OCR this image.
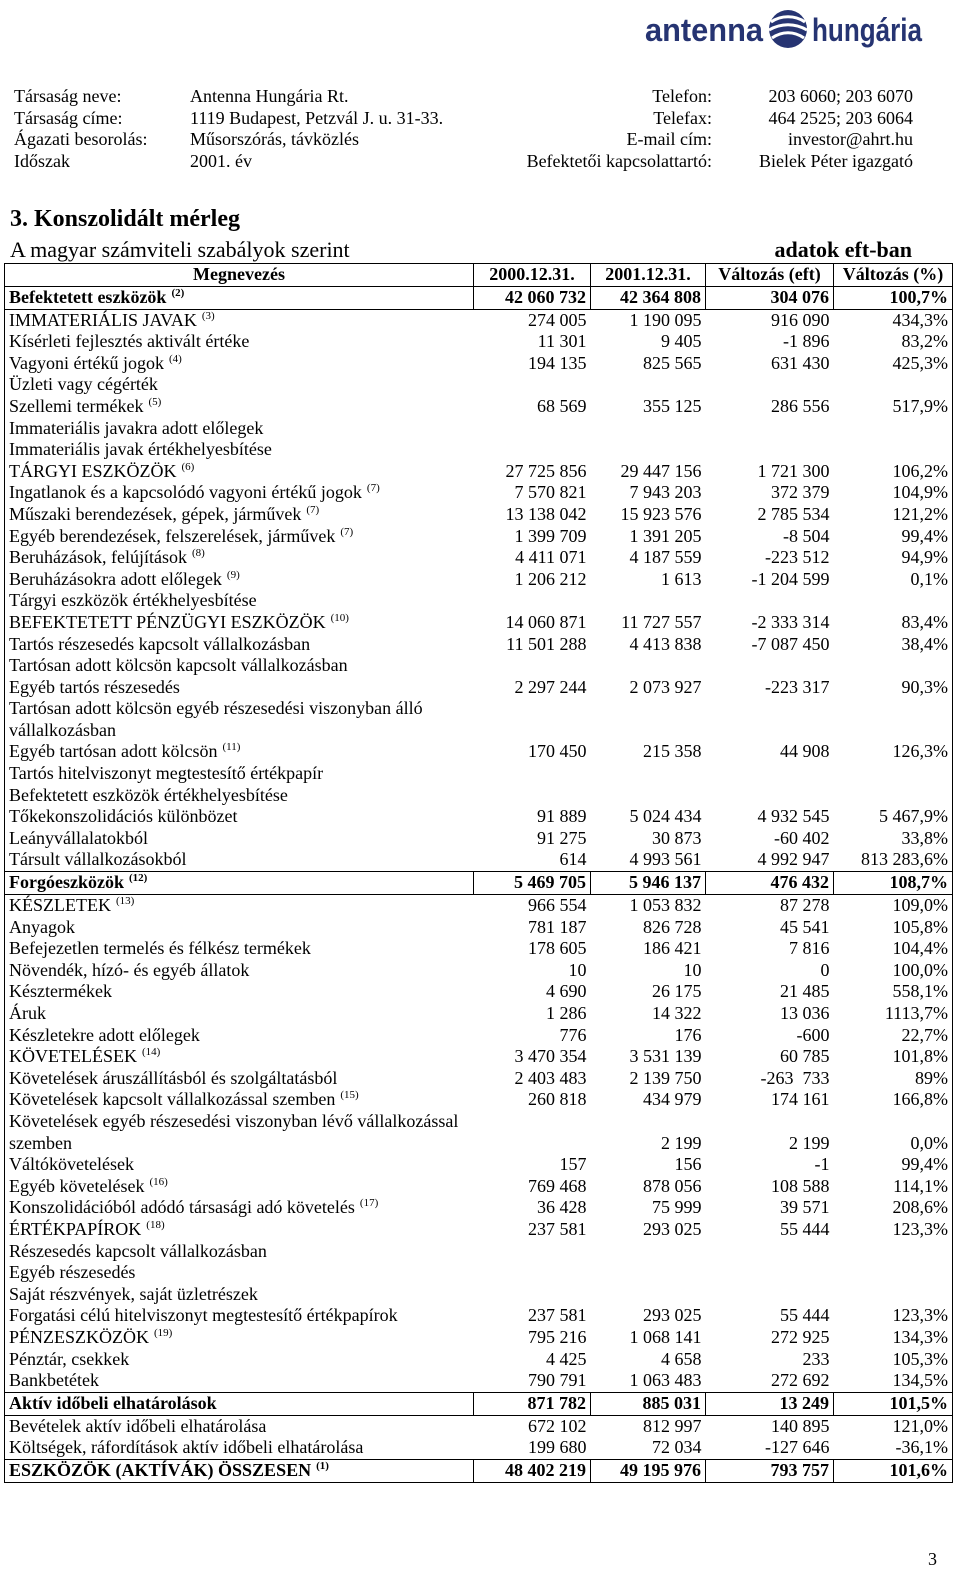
antenna hungária
Társaság neve:	Antenna Hungária Rt.	Telefon:	203 6060; 203 6070
Társaság címe:	1119 Budapest, Petzvál J. u. 31-33.	Telefax:	464 2525; 203 6064
Ágazati besorolás: Műsorszórás, távközlés	E-mail cím:	investor@ahrt.hu
Időszak	2001. év	Befektetői kapcsolattartó:	Bielek Péter igazgató
3. Konszolidált mérleg
A magyar számviteli szabályok szerint	adatok eft-ban
Megnevezés	2000.12.31.	2001.12.31.	Változás (eft)	Változás (%)
Befektetett eszközök $^{(2)}$	42 060 732	42 364 808	304 076	100,7%
IMMATERIÁLIS JAVAK $^{(3)}$	274 005	1 190 095	916 090	434,3%
Kísérleti fejlesztés aktivált értéke	11 301	9 405	-1 896	83,2%
Vagyoni értékű jogok $^{(4)}$	194 135	825 565	631 430	425,3%
Üzleti vagy cégérték				
Szellemi termékek $^{(5)}$	68 569	355 125	286 556	517,9%
Immateriális javakra adott előlegek				
Immateriális javak értékhelyesbítése				
TÁRGYI ESZKÖZÖK $^{(6)}$	27 725 856	29 447 156	1 721 300	106,2%
Ingatlanok és a kapcsolódó vagyoni értékű jogok $^{(7)}$	7 570 821	7 943 203	372 379	104,9%
Műszaki berendezések, gépek, járművek $^{(7)}$	13 138 042	15 923 576	2 785 534	121,2%
Egyéb berendezések, felszerelések, járművek $^{(7)}$	1 399 709	1 391 205	-8 504	99,4%
Beruházások, felújítások $^{(8)}$	4 411 071	4 187 559	-223 512	94,9%
Beruházásokra adott előlegek $^{(9)}$	1 206 212	1 613	-1 204 599	0,1%
Tárgyi eszközök értékhelyesbítése				
BEFEKTETETT PÉNZÜGYI ESZKÖZÖK $^{(10)}$	14 060 871	11 727 557	-2 333 314	83,4%
Tartós részesedés kapcsolt vállalkozásban	11 501 288	4 413 838	-7 087 450	38,4%
Tartósan adott kölcsön kapcsolt vállalkozásban				
Egyéb tartós részesedés	2 297 244	2 073 927	-223 317	90,3%
Tartósan adott kölcsön egyéb részesedési viszonyban álló vállalkozásban				
Egyéb tartósan adott kölcsön $^{(11)}$	170 450	215 358	44 908	126,3%
Tartós hitelviszonyt megtestesítő értékpapír				
Befektetett eszközök értékhelyesbítése				
Tőkekonszolidációs különbözet	91 889	5 024 434	4 932 545	5 467,9%
Leányvállalatokból	91 275	30 873	-60 402	33,8%
Társult vállalkozásokból	614	4 993 561	4 992 947	813 283,6%
Forgóeszközök $^{(12)}$	5 469 705	5 946 137	476 432	108,7%
KÉSZLETEK $^{(13)}$	966 554	1 053 832	87 278	109,0%
Anyagok	781 187	826 728	45 541	105,8%
Befejezetlen termelés és félkész termékek	178 605	186 421	7 816	104,4%
Növendék, hízó- és egyéb állatok	10	10	0	100,0%
Késztermékek	4 690	26 175	21 485	558,1%
Áruk	1 286	14 322	13 036	1113,7%
Készletekre adott előlegek	776	176	-600	22,7%
KÖVETELÉSEK $^{(14)}$	3 470 354	3 531 139	60 785	101,8%
Követelések áruszállításból és szolgáltatásból	2 403 483	2 139 750	-263  733	89%
Követelések kapcsolt vállalkozással szemben $^{(15)}$	260 818	434 979	174 161	166,8%
Követelések egyéb részesedési viszonyban lévő vállalkozással szemben		2 199	2 199	0,0%
Váltókövetelések	157	156	-1	99,4%
Egyéb követelések $^{(16)}$	769 468	878 056	108 588	114,1%
Konszolidációból adódó társasági adó követelés $^{(17)}$	36 428	75 999	39 571	208,6%
ÉRTÉKPAPÍROK $^{(18)}$	237 581	293 025	55 444	123,3%
Részesedés kapcsolt vállalkozásban				
Egyéb részesedés				
Saját részvények, saját üzletrészek				
Forgatási célú hitelviszonyt megtestesítő értékpapírok	237 581	293 025	55 444	123,3%
PÉNZESZKÖZÖK $^{(19)}$	795 216	1 068 141	272 925	134,3%
Pénztár, csekkek	4 425	4 658	233	105,3%
Bankbetétek	790 791	1 063 483	272 692	134,5%
Aktív időbeli elhatárolások	871 782	885 031	13 249	101,5%
Bevételek aktív időbeli elhatárolása	672 102	812 997	140 895	121,0%
Költségek, ráfordítások aktív időbeli elhatárolása	199 680	72 034	-127 646	-36,1%
ESZKÖZÖK (AKTÍVÁK) ÖSSZESEN $^{(1)}$	48 402 219	49 195 976	793 757	101,6%
3
